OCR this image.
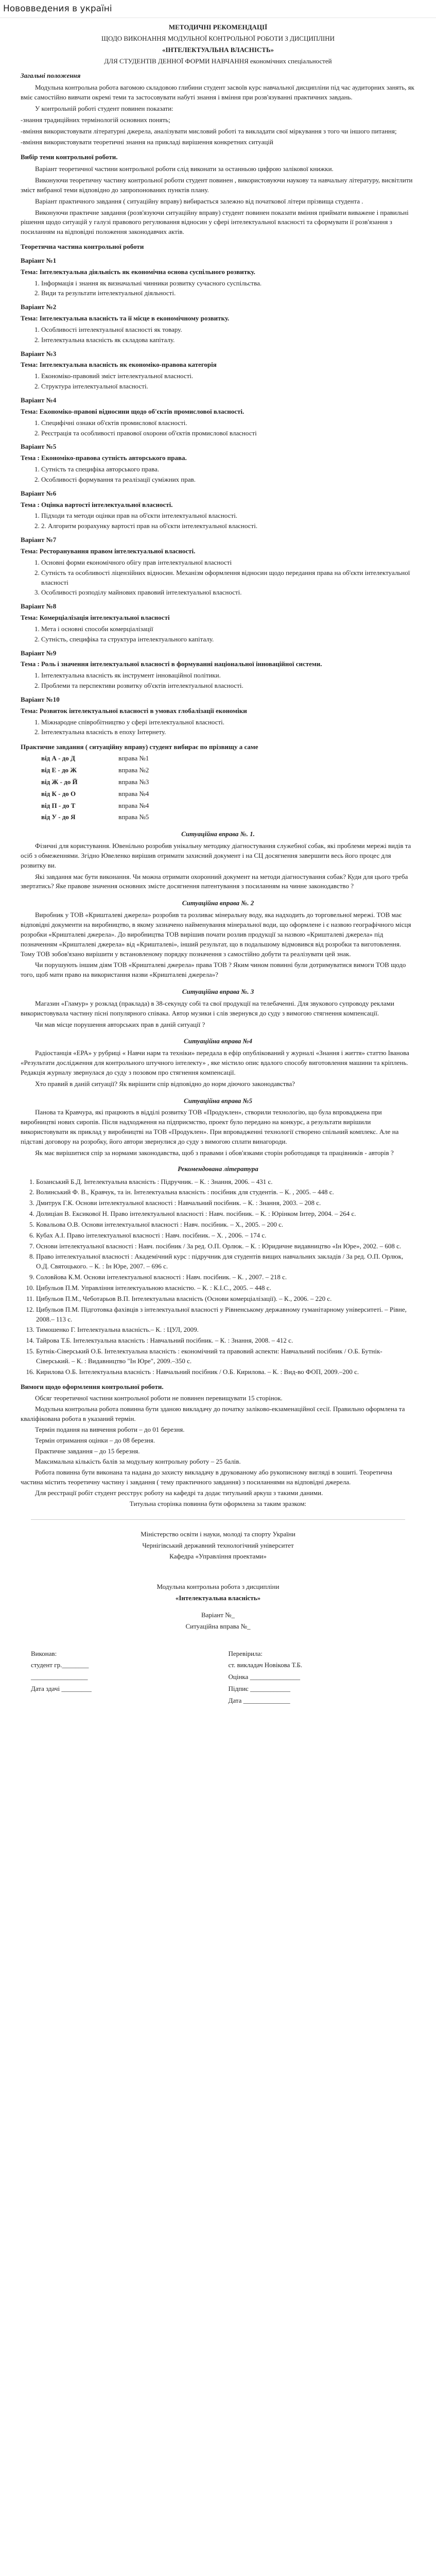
Нововведения в україні

МЕТОДИЧНІ РЕКОМЕНДАЦІЇ

ЩОДО ВИКОНАННЯ МОДУЛЬНОЇ КОНТРОЛЬНОЇ РОБОТИ З ДИСЦИПЛІНИ

«ІНТЕЛЕКТУАЛЬНА ВЛАСНІСТЬ»

ДЛЯ СТУДЕНТІВ ДЕННОЇ ФОРМИ НАВЧАННЯ економічних спеціальностей

Загальні положення

Модульна контрольна робота вагомою складовою глибини студент засвоїв курс навчальної дисципліни під час аудиторних занять, як вміє самостійно вивчати окремі теми та застосовувати набуті знання і вміння при розв'язуванні практичних завдань.

У контрольній роботі студент повинен показати:

-знання традиційних термінологій основних понять;

-вміння використовувати літературні джерела, аналізувати мисловий роботі та викладати свої міркування з того чи іншого питання;

-вміння використовувати теоретичні знання на прикладі вирішення конкретних ситуацій

Вибір теми контрольної роботи.

Варіант теоретичної частини контрольної роботи слід виконати за останньою цифрою залікової книжки.

Виконуючи теоретичну частину контрольної роботи студент повинен , використовуючи наукову та навчальну літературу, висвітлити зміст вибраної теми відповідно до запропонованих пунктів плану.

Варіант практичного завдання ( ситуаційну вправу) вибирається залежно від початкової літери прізвища студента .

Виконуючи практичне завдання (розв'язуючи ситуаційну вправу) студент повинен показати вміння приймати виважене і правильні рішення щодо ситуацій у галузі правового регулювання відносин у сфері інтелектуальної власності та сформувати ії розв'язання з посиланням на відповідні положення законодавчих актів.

Теоретична частина контрольної роботи

Варіант №1

Тема: Інтелектуальна діяльність як економічна основа суспільного розвитку.

1. Інформація і знання як визначальні чинники розвитку сучасного суспільства.
2. Види та результати інтелектуальної діяльності.

Варіант №2

Тема: Інтелектуальна власність та її місце в економічному розвитку.

1. Особливості інтелектуальної власності як товару.
2. Інтелектуальна власність як складова капіталу.

Варіант №3

Тема: Інтелектуальна власність як економіко-правова категорія

1. Економіко-правовий зміст інтелектуальної власності.
2. Структура інтелектуальної власності.

Варіант №4

Тема: Економіко-правові відносини щодо об'єктів промислової власності.

1. Специфічні ознаки об'єктів промислової власності.
2. Реєстрація та особливості правової охорони об'єктів промислової власності

Варіант №5

Тема : Економіко-правова сутність авторського права.

1. Сутність та специфіка авторського права.
2. Особливості формування та реалізації суміжних прав.

Варіант №6

Тема : Оцінка вартості інтелектуальної власності.

1. Підходи та методи оцінки прав на об'єкти інтелектуальної власності.
2. 2. Алгоритм розрахунку вартості прав на об'єкти інтелектуальної власності.

Варіант №7

Тема: Ресторанування правом інтелектуальної власності.

1. Основні форми економічного обігу прав інтелектуальної власності
2. Сутність та особливості ліцензійних відносин. Механізм оформлення відносин щодо передання права на об'єкти інтелектуальної власності
3. Особливості розподілу майнових правовий інтелектуальної власності.

Варіант №8

Тема: Комерціалізація інтелектуальної власності

1. Мета і основні способи комерціалізації
2. Сутність, специфіка та структура інтелектуального капіталу.

Варіант №9

Тема : Роль і значення інтелектуальної власності в формуванні національної інноваційної системи.

1. Інтелектуальна власність як інструмент інноваційної політики.
2. Проблеми та перспективи розвитку об'єктів інтелектуальної власності.

Варіант №10

Тема: Розвиток інтелектуальної власності в умовах глобалізації економіки

1. Міжнародне співробітництво у сфері інтелектуальної власності.
2. Інтелектуальна власність в епоху Інтернету.

Практичне завдання ( ситуаційну вправу) студент вибирає по прізвищу а саме

від А - до Д	вправа №1
від Е - до Ж	вправа №2
від Ж - до Й	вправа №3
від К - до О	вправа №4
від П - до Т	вправа №4
від У - до Я	вправа №5
Ситуаційна вправа №. 1.

Фізичні для користування. Ювенільно розробив унікальну методику діагностування служебної собак, які проблеми мережі видів та осіб з обмеженнями. Згідно Ювеленко вирішив отримати захисний документ і на СЦ досягнення завершити весь його процес для розвитку ви.

Які завдання має бути виконання. Чи можна отримати охоронний документ на методи діагностування собак? Куди для цього треба звертатись? Яке правове значення основних змісте досягнення патентування з посиланням на чинне законодавство ?

Ситуаційна вправа №. 2

Виробник у ТОВ «Кришталеві джерела» розробив та розливає мінеральну воду, яка надходить до торговельної мережі. ТОВ має відповідні документи на виробництво, в якому зазначено найменування мінеральної води, що оформлене і є назвою географічного місця розробки «Кришталеві джерела». До виробництва ТОВ вирішив почати розлив продукції за назвою «Кришталеві джерела» під позначенням «Кришталеві джерела» від «Кришталеві», інший результат, що в подальшому відмовився від розробки та виготовлення. Тому ТОВ зобов'язано вирішити у встановленому порядку позначення з самостійно добути та реалізувати цей знак.

Чи порушують іншим діям ТОВ «Кришталеві джерела» права ТОВ ? Яким чином повинні були дотримуватися вимоги ТОВ щодо того, щоб мати право на використання назви «Кришталеві джерела»?

Ситуаційна вправа №. 3

Магазин «Гламур» у розклад (праклада) в 38-секунду собі та свої продукції на телебаченні. Для звукового супроводу реклами використовувала частину пісні популярного співака. Автор музики і слів звернувся до суду з вимогою стягнення компенсації.

Чи мав місце порушення авторських прав в даній ситуації ?

Ситуаційна вправа №4

Радіостанція «ЕРА» у рубриці « Навчи нарм та техніки» передала в ефір опублікований у журналі «Знання і життя» статтю Іванова «Результати дослідження для контрольного штучного інтелекту» , яке містило опис вдалого способу виготовлення машини та кріплень. Редакція журналу звернулася до суду з позовом про стягнення компенсації.

Хто правий в даній ситуації? Як вирішити спір відповідно до норм діючого законодавства?

Ситуаційна вправа №5

Панова та Кравчура, які працюють в відділі розвитку ТОВ «Продуклен», створили технологію, що була впроваджена при виробництві нових сиропів. Після надходження на підприємство, проект було передано на конкурс, а результати вирішили використовувати як приклад у виробництві на ТОВ «Продуклен». При впровадженні технології створено спільний комплекс. Але на підставі договору на розробку, його автори звернулися до суду з вимогою сплати винагороди.

Як має вирішитися спір за нормами законодавства, щоб з правами і обов'язками сторін роботодавця та працівників - авторів ?

Рекомендована література
1. Бозанський Б.Д. Інтелектуальна власність : Підручник. – К. : Знання, 2006. – 431 с.
2. Волинський Ф. В., Кравчук, та ін. Інтелектуальна власність : посібник для студентів. – К. , 2005. – 448 с.
3. Дмитрук Г.К. Основи інтелектуальної власності : Навчальний посібник. – К. : Знання, 2003. – 208 с.
4. Долиціан В. Ексикової Н. Право інтелектуальної власності : Навч. посібник. – К. : Юрінком Інтер, 2004. – 264 с.
5. Ковальова О.В. Основи інтелектуальної власності : Навч. посібник. – Х., 2005. – 200 с.
6. Кубах А.І. Право інтелектуальної власності : Навч. посібник. – Х. , 2006. – 174 с.
7. Основи інтелектуальної власності : Навч. посібник / За ред. О.П. Орлюк. – К. : Юридичне видавництво «Ін Юре», 2002. – 608 с.
8. Право інтелектуальної власності : Академічний курс : підручник для студентів вищих навчальних закладів / За ред. О.П. Орлюк, О.Д. Святоцького. – К. : Ін Юре, 2007. – 696 с.
9. Соловйова К.М. Основи інтелектуальної власності : Навч. посібник. – К. , 2007. – 218 с.
10. Цибульов П.М. Управління інтелектуальною власністю. – К. : К.І.С., 2005. – 448 с.
11. Цибульов П.М., Чеботарьов В.П. Інтелектуальна власність (Основи комерціалізації). – К., 2006. – 220 с.
12. Цибульов П.М. Підготовка фахівців з інтелектуальної власності у Рівненському державному гуманітарному університеті. – Рівне, 2008.– 113 с.
13. Тимошенко Г. Інтелектуальна власність.– К. : ЦУЛ, 2009.
14. Тайрова Т.Б. Інтелектуальна власність : Навчальний посібник. – К. : Знання, 2008. – 412 с.
15. Бутнік-Сіверський О.Б. Інтелектуальна власність : економічний та правовий аспекти: Навчальний посібник / О.Б. Бутнік-Сіверський. – К. : Видавництво "Ін Юре", 2009.–350 с.
16. Кирилова О.Б. Інтелектуальна власність : Навчальний посібник / О.Б. Кирилова. – К. : Вид-во ФОП, 2009.–200 с.
Вимоги щодо оформлення контрольної роботи.

Обсяг теоретичної частини контрольної роботи не повинен перевищувати 15 сторінок.

Модульна контрольна робота повинна бути зданою викладачу до початку заліково-екзаменаційної сесії. Правильно оформлена та кваліфікована робота в указаний термін.

Термін подання на вивчення роботи – до 01 березня.

Термін отримання оцінки – до 08 березня.

Практичне завдання – до 15 березня.

Максимальна кількість балів за модульну контрольну роботу – 25 балів.

Робота повинна бути виконана та надана до захисту викладачу в друкованому або рукописному вигляді в зошиті. Теоретична частина містить теоретичну частину і завдання ( тему практичного завдання) з посиланнями на відповідні джерела.

Для реєстрації робіт студент реєструє роботу на кафедрі та додає титульний аркуш з такими даними.

Титульна сторінка повинна бути оформлена за таким зразком:

Міністерство освіти і науки, молоді та спорту України

Чернігівський державний технологічний університет

Кафедра «Управління проектами»

Модульна контрольна робота з дисципліни

«Інтелектуальна власність»

Варіант №_

Ситуаційна вправа №_

Виконав:

студент гр.________

_________________

Дата здачі _________

Перевірила:

ст. викладач Новікова Т.Б.

Оцінка _______________

Підпис ____________

Дата ______________
